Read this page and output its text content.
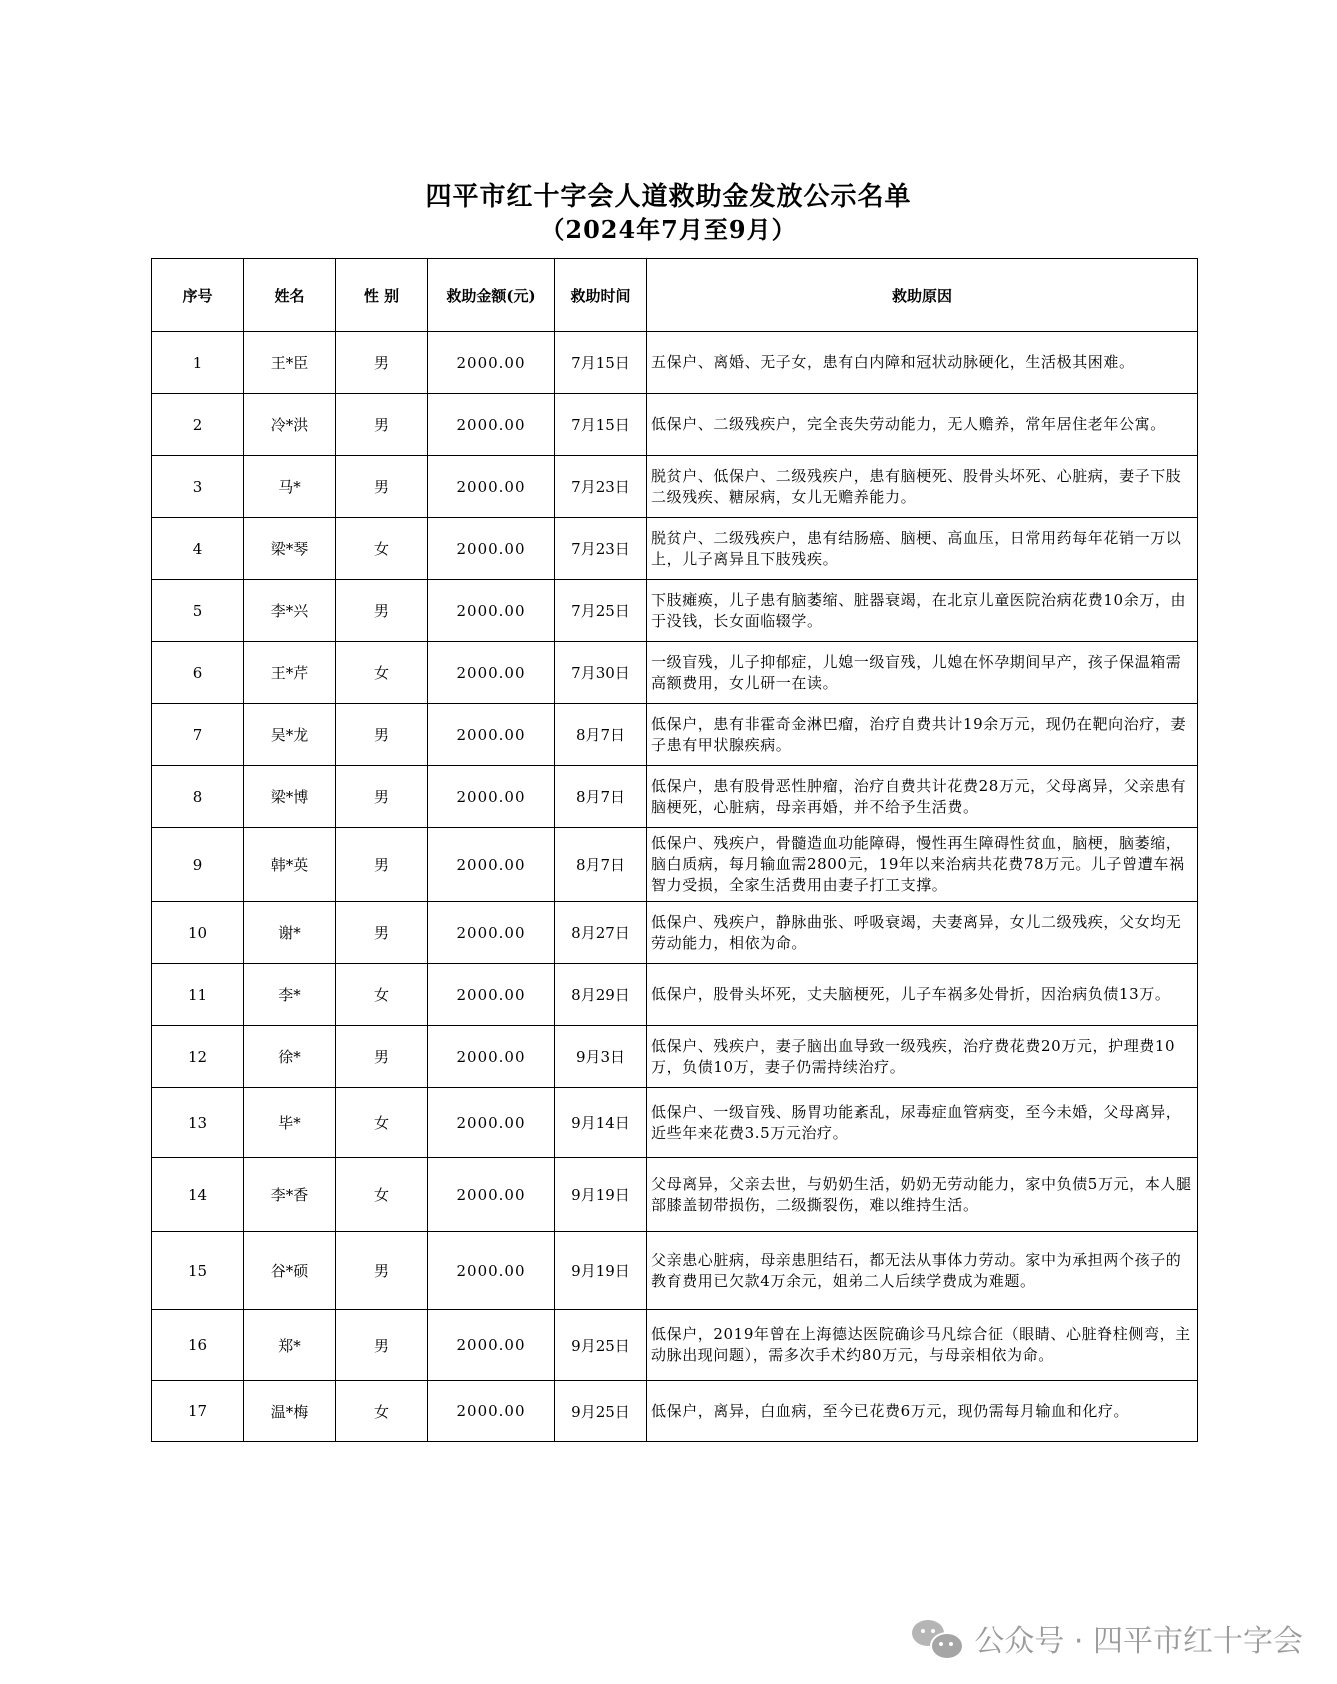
四平市红十字会人道救助金发放公示名单
（2024年7月至9月）
序号	姓名	性 别	救助金额(元)	救助时间	救助原因
1	王*臣	男	2000.00	7月15日	五保户、离婚、无子女，患有白内障和冠状动脉硬化，生活极其困难。
2	冷*洪	男	2000.00	7月15日	低保户、二级残疾户，完全丧失劳动能力，无人赡养，常年居住老年公寓。
3	马*	男	2000.00	7月23日	脱贫户、低保户、二级残疾户，患有脑梗死、股骨头坏死、心脏病，妻子下肢二级残疾、糖尿病，女儿无赡养能力。
4	梁*琴	女	2000.00	7月23日	脱贫户、二级残疾户，患有结肠癌、脑梗、高血压，日常用药每年花销一万以上，儿子离异且下肢残疾。
5	李*兴	男	2000.00	7月25日	下肢瘫痪，儿子患有脑萎缩、脏器衰竭，在北京儿童医院治病花费10余万，由于没钱，长女面临辍学。
6	王*芹	女	2000.00	7月30日	一级盲残，儿子抑郁症，儿媳一级盲残，儿媳在怀孕期间早产，孩子保温箱需高额费用，女儿研一在读。
7	吴*龙	男	2000.00	8月7日	低保户，患有非霍奇金淋巴瘤，治疗自费共计19余万元，现仍在靶向治疗，妻子患有甲状腺疾病。
8	梁*博	男	2000.00	8月7日	低保户，患有股骨恶性肿瘤，治疗自费共计花费28万元，父母离异，父亲患有脑梗死，心脏病，母亲再婚，并不给予生活费。
9	韩*英	男	2000.00	8月7日	低保户、残疾户，骨髓造血功能障碍，慢性再生障碍性贫血，脑梗，脑萎缩，脑白质病，每月输血需2800元，19年以来治病共花费78万元。儿子曾遭车祸智力受损，全家生活费用由妻子打工支撑。
10	谢*	男	2000.00	8月27日	低保户、残疾户，静脉曲张、呼吸衰竭，夫妻离异，女儿二级残疾，父女均无劳动能力，相依为命。
11	李*	女	2000.00	8月29日	低保户，股骨头坏死，丈夫脑梗死，儿子车祸多处骨折，因治病负债13万。
12	徐*	男	2000.00	9月3日	低保户、残疾户，妻子脑出血导致一级残疾，治疗费花费20万元，护理费10万，负债10万，妻子仍需持续治疗。
13	毕*	女	2000.00	9月14日	低保户、一级盲残、肠胃功能紊乱，尿毒症血管病变，至今未婚，父母离异，近些年来花费3.5万元治疗。
14	李*香	女	2000.00	9月19日	父母离异，父亲去世，与奶奶生活，奶奶无劳动能力，家中负债5万元，本人腿部膝盖韧带损伤，二级撕裂伤，难以维持生活。
15	谷*硕	男	2000.00	9月19日	父亲患心脏病，母亲患胆结石，都无法从事体力劳动。家中为承担两个孩子的教育费用已欠款4万余元，姐弟二人后续学费成为难题。
16	郑*	男	2000.00	9月25日	低保户，2019年曾在上海德达医院确诊马凡综合征（眼睛、心脏脊柱侧弯，主动脉出现问题），需多次手术约80万元，与母亲相依为命。
17	温*梅	女	2000.00	9月25日	低保户，离异，白血病，至今已花费6万元，现仍需每月输血和化疗。
公众号 · 四平市红十字会
